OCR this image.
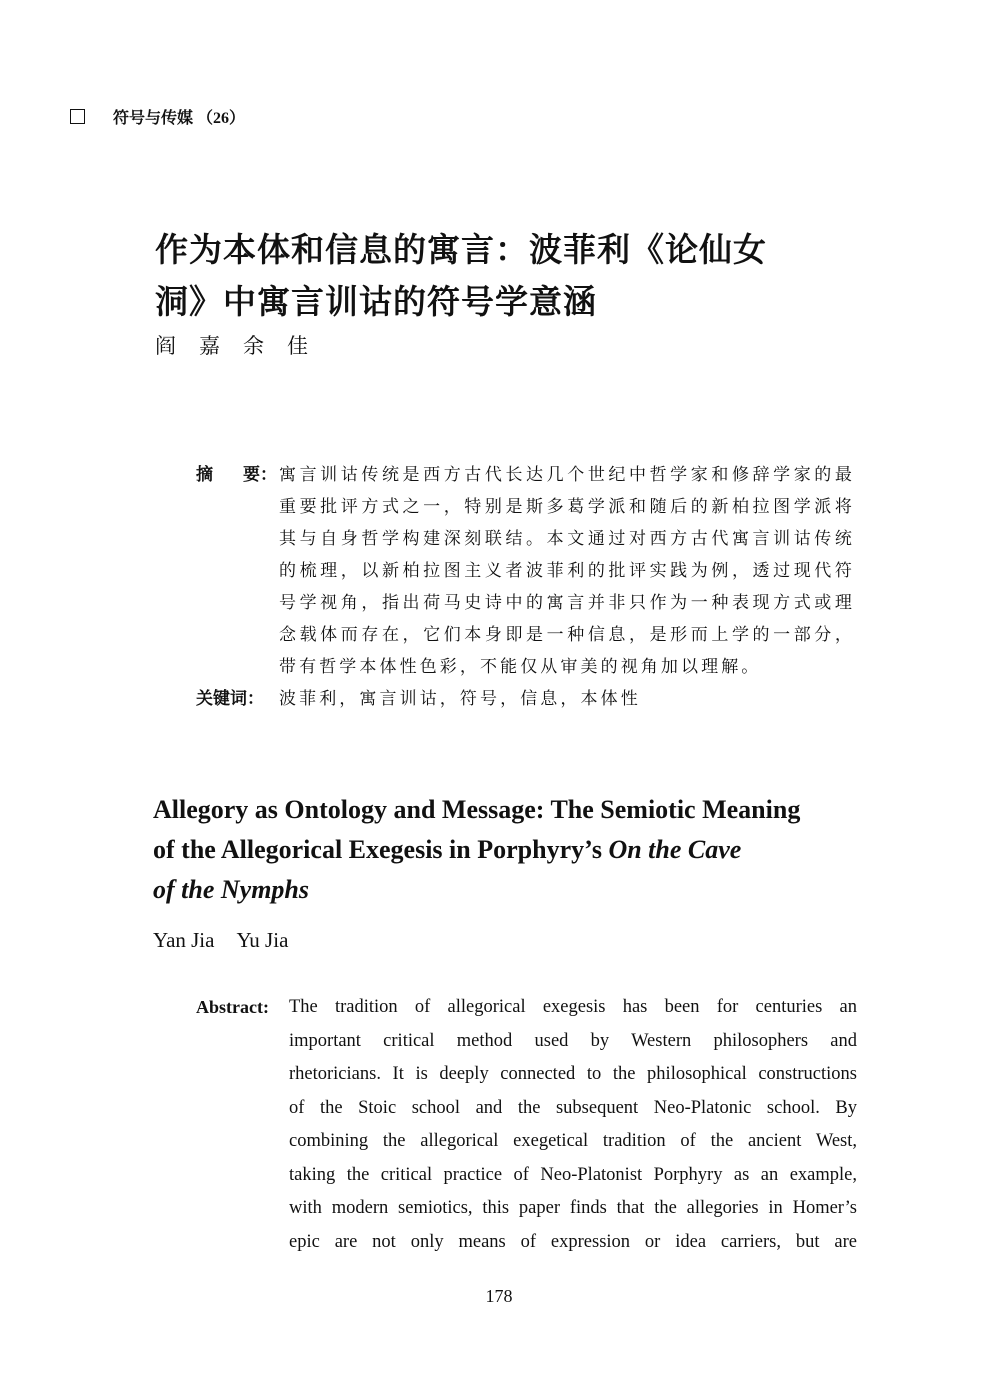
符号与传媒 （26）
作为本体和信息的寓言：波菲利《论仙女
洞》中寓言训诂的符号学意涵
阎嘉余佳
摘 要： 寓言训诂传统是西方古代长达几个世纪中哲学家和修辞学家的最重要批评方式之一，特别是斯多葛学派和随后的新柏拉图学派将其与自身哲学构建深刻联结。本文通过对西方古代寓言训诂传统的梳理，以新柏拉图主义者波菲利的批评实践为例，透过现代符号学视角，指出荷马史诗中的寓言并非只作为一种表现方式或理念载体而存在，它们本身即是一种信息，是形而上学的一部分，带有哲学本体性色彩，不能仅从审美的视角加以理解。
关键词： 波菲利，寓言训诂，符号，信息，本体性
Allegory as Ontology and Message: The Semiotic Meaning
of the Allegorical Exegesis in Porphyry’s On the Cave
of the Nymphs
Yan Jia Yu Jia
Abstract:	The tradition of allegorical exegesis has been for centuries an
important critical method used by Western philosophers and
rhetoricians. It is deeply connected to the philosophical constructions
of the Stoic school and the subsequent Neo-Platonic school. By
combining the allegorical exegetical tradition of the ancient West,
taking the critical practice of Neo-Platonist Porphyry as an example,
with modern semiotics, this paper finds that the allegories in Homer’s
epic are not only means of expression or idea carriers, but are
178
